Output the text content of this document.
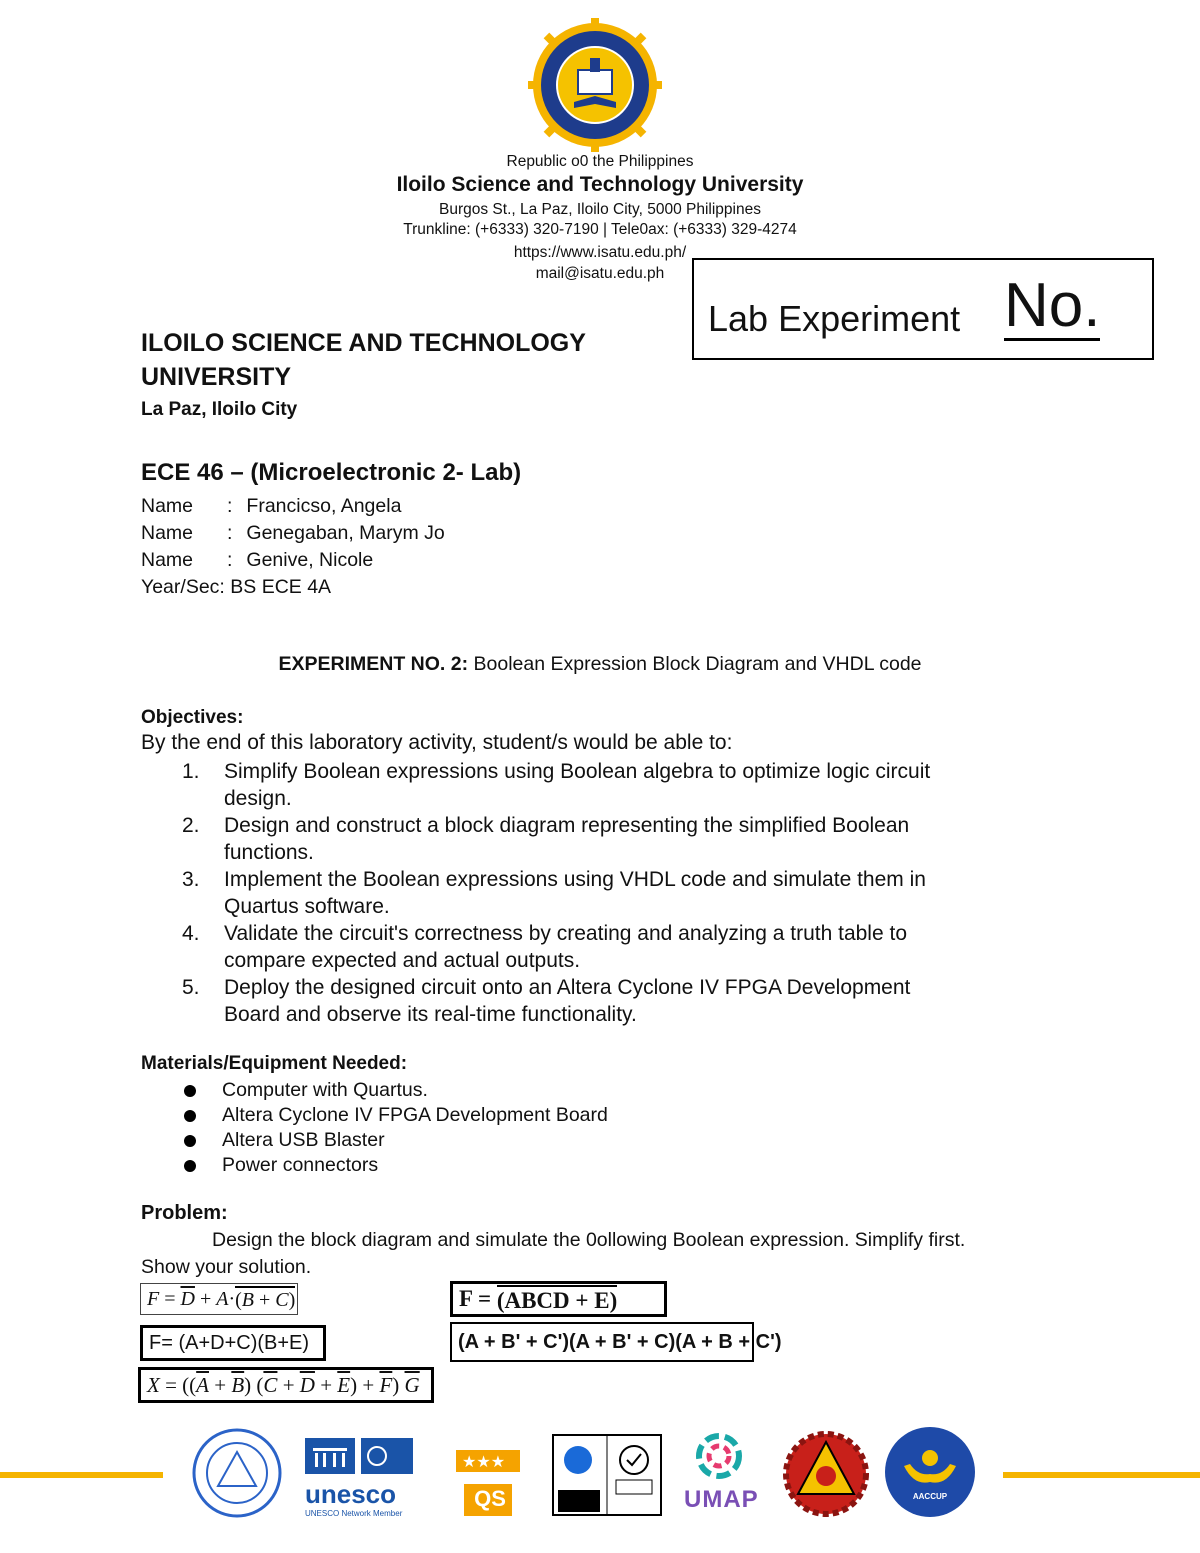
Republic o0 the Philippines
Iloilo Science and Technology University
Burgos St., La Paz, Iloilo City, 5000 Philippines
Trunkline: (+6333) 320-7190 | Tele0ax: (+6333) 329-4274
https://www.isatu.edu.ph/
mail@isatu.edu.ph
Lab Experiment No.
ILOILO SCIENCE AND TECHNOLOGY
UNIVERSITY
La Paz, Iloilo City
ECE 46 – (Microelectronic 2- Lab)
Name : Francicso, Angela
Name : Genegaban, Marym Jo
Name : Genive, Nicole
Year/Sec: BS ECE 4A
EXPERIMENT NO. 2: Boolean Expression Block Diagram and VHDL code
Objectives:
By the end of this laboratory activity, student/s would be able to:
1. Simplify Boolean expressions using Boolean algebra to optimize logic circuit
design.
2. Design and construct a block diagram representing the simplified Boolean
functions.
3. Implement the Boolean expressions using VHDL code and simulate them in
Quartus software.
4. Validate the circuit's correctness by creating and analyzing a truth table to
compare expected and actual outputs.
5. Deploy the designed circuit onto an Altera Cyclone IV FPGA Development
Board and observe its real-time functionality.
Materials/Equipment Needed:
Computer with Quartus.
Altera Cyclone IV FPGA Development Board
Altera USB Blaster
Power connectors
Problem:
Design the block diagram and simulate the 0ollowing Boolean expression. Simplify first.
Show your solution.
F
=
$\overline{D}$
+
A · (B + C)
F= (A+D+C)(B+E)
X
=
(( $\overline{A}$
+
$\overline{B}$ )
( $\overline{C}$
+
$\overline{D}$
+
$\overline{E}$ )
+
$\overline{F}$ )
$\overline{G}$
F =
(ABCD + E)
(A + B' + C')(A + B' + C)(A + B + C')
unesco
UNESCO Network Member
★★★
QS	UMAP	AACCUP
